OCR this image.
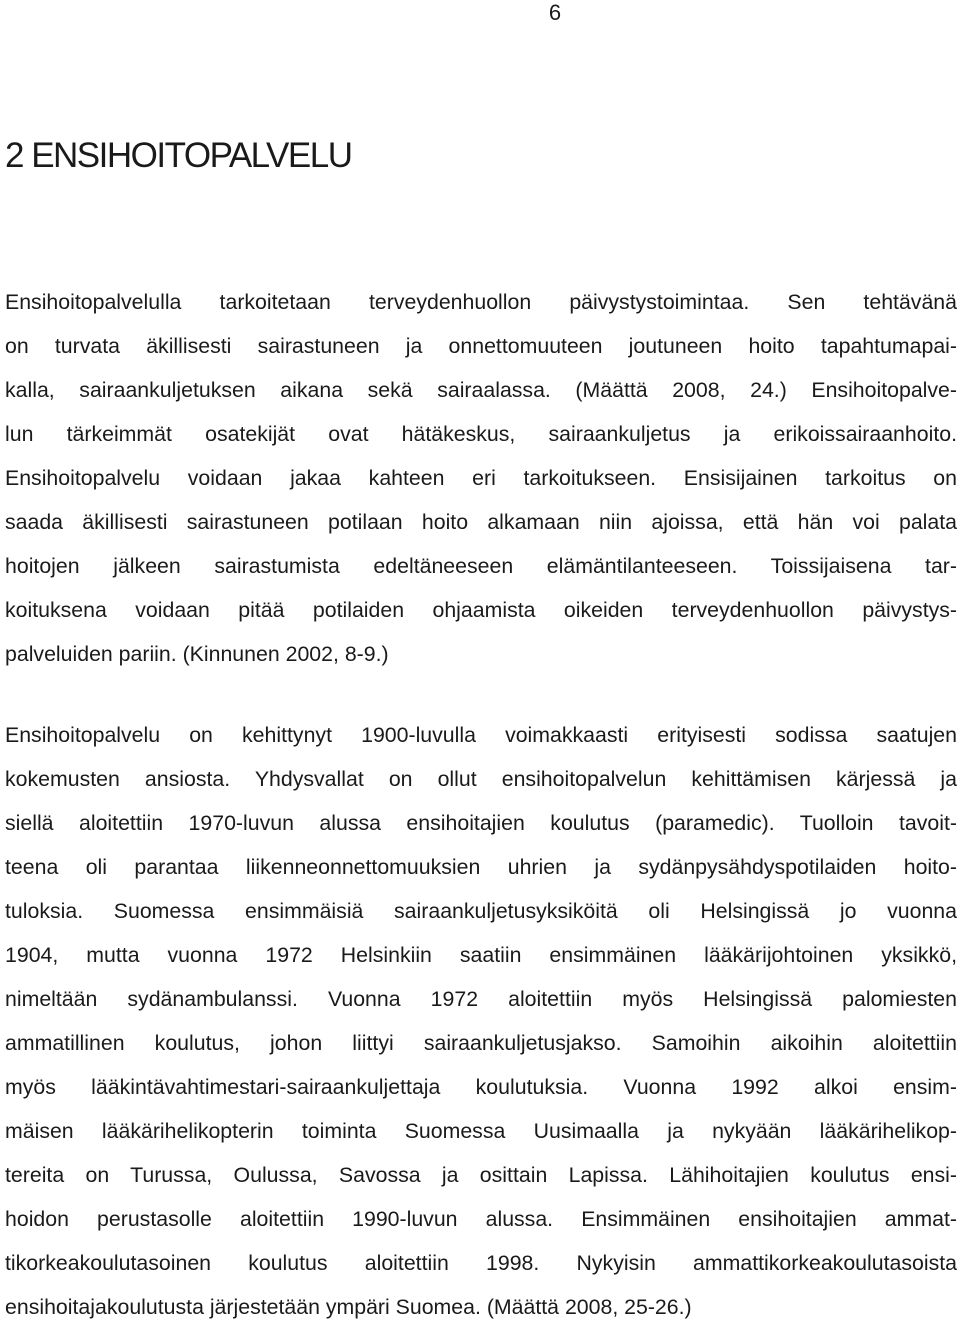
6
2 ENSIHOITOPALVELU
Ensihoitopalvelulla tarkoitetaan terveydenhuollon päivystystoimintaa. Sen tehtävänä
on turvata äkillisesti sairastuneen ja onnettomuuteen joutuneen hoito tapahtumapai-
kalla, sairaankuljetuksen aikana sekä sairaalassa. (Määttä 2008, 24.) Ensihoitopalve-
lun tärkeimmät osatekijät ovat hätäkeskus, sairaankuljetus ja erikoissairaanhoito.
Ensihoitopalvelu voidaan jakaa kahteen eri tarkoitukseen. Ensisijainen tarkoitus on
saada äkillisesti sairastuneen potilaan hoito alkamaan niin ajoissa, että hän voi palata
hoitojen jälkeen sairastumista edeltäneeseen elämäntilanteeseen. Toissijaisena tar-
koituksena voidaan pitää potilaiden ohjaamista oikeiden terveydenhuollon päivystys-
palveluiden pariin. (Kinnunen 2002, 8-9.)
Ensihoitopalvelu on kehittynyt 1900-luvulla voimakkaasti erityisesti sodissa saatujen
kokemusten ansiosta. Yhdysvallat on ollut ensihoitopalvelun kehittämisen kärjessä ja
siellä aloitettiin 1970-luvun alussa ensihoitajien koulutus (paramedic). Tuolloin tavoit-
teena oli parantaa liikenneonnettomuuksien uhrien ja sydänpysähdyspotilaiden hoito-
tuloksia. Suomessa ensimmäisiä sairaankuljetusyksiköitä oli Helsingissä jo vuonna
1904, mutta vuonna 1972 Helsinkiin saatiin ensimmäinen lääkärijohtoinen yksikkö,
nimeltään sydänambulanssi. Vuonna 1972 aloitettiin myös Helsingissä palomiesten
ammatillinen koulutus, johon liittyi sairaankuljetusjakso. Samoihin aikoihin aloitettiin
myös lääkintävahtimestari-sairaankuljettaja koulutuksia. Vuonna 1992 alkoi ensim-
mäisen lääkärihelikopterin toiminta Suomessa Uusimaalla ja nykyään lääkärihelikop-
tereita on Turussa, Oulussa, Savossa ja osittain Lapissa. Lähihoitajien koulutus ensi-
hoidon perustasolle aloitettiin 1990-luvun alussa. Ensimmäinen ensihoitajien ammat-
tikorkeakoulutasoinen koulutus aloitettiin 1998. Nykyisin ammattikorkeakoulutasoista
ensihoitajakoulutusta järjestetään ympäri Suomea. (Määttä 2008, 25-26.)
